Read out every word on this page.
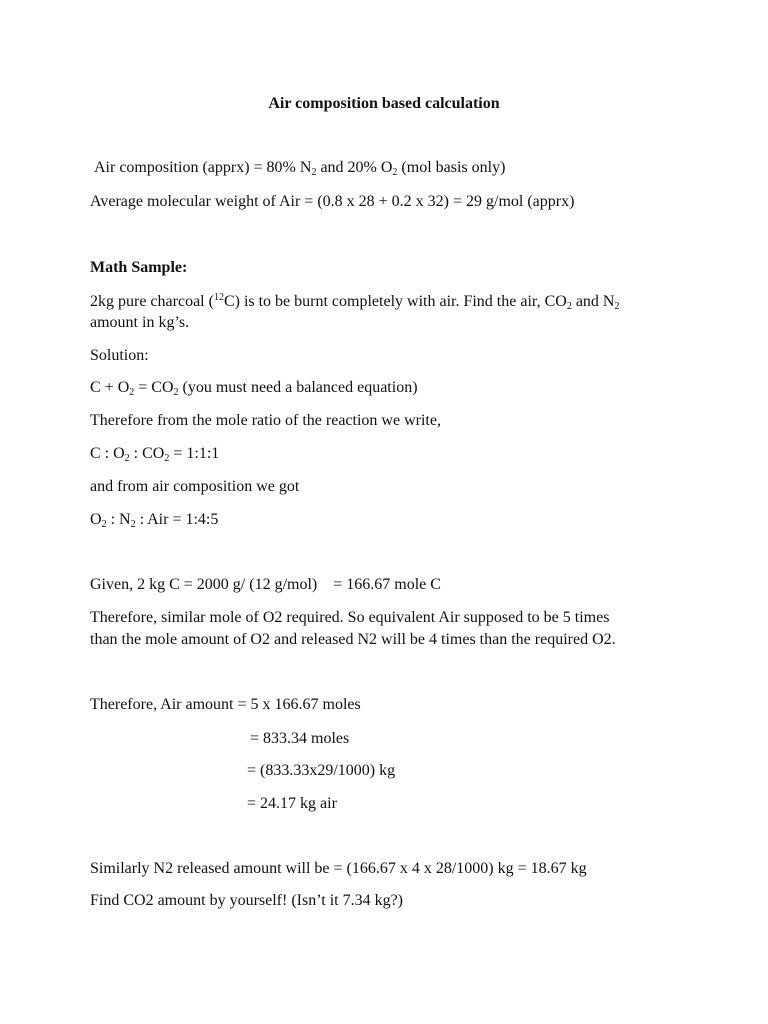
Air composition based calculation
Air composition (apprx) = 80% $N_2$ and 20% $O_2$ (mol basis only)
Average molecular weight of Air = (0.8 x 28 + 0.2 x 32) = 29 g/mol (apprx)
Math Sample:
2kg pure charcoal ($^{12}$C) is to be burnt completely with air. Find the air, $CO_2$ and $N_2$
amount in kg’s.
Solution:
$C + O_2 = CO_2$ (you must need a balanced equation)
Therefore from the mole ratio of the reaction we write,
C : $O_2$ : $CO_2$ = 1:1:1
and from air composition we got
$O_2$ : $N_2$ : Air = 1:4:5
Given, 2 kg C = 2000 g/ (12 g/mol)    = 166.67 mole C
Therefore, similar mole of O2 required. So equivalent Air supposed to be 5 times
than the mole amount of O2 and released N2 will be 4 times than the required O2.
Therefore, Air amount = 5 x 166.67 moles
= 833.34 moles
= (833.33x29/1000) kg
= 24.17 kg air
Similarly N2 released amount will be = (166.67 x 4 x 28/1000) kg = 18.67 kg
Find CO2 amount by yourself! (Isn’t it 7.34 kg?)
